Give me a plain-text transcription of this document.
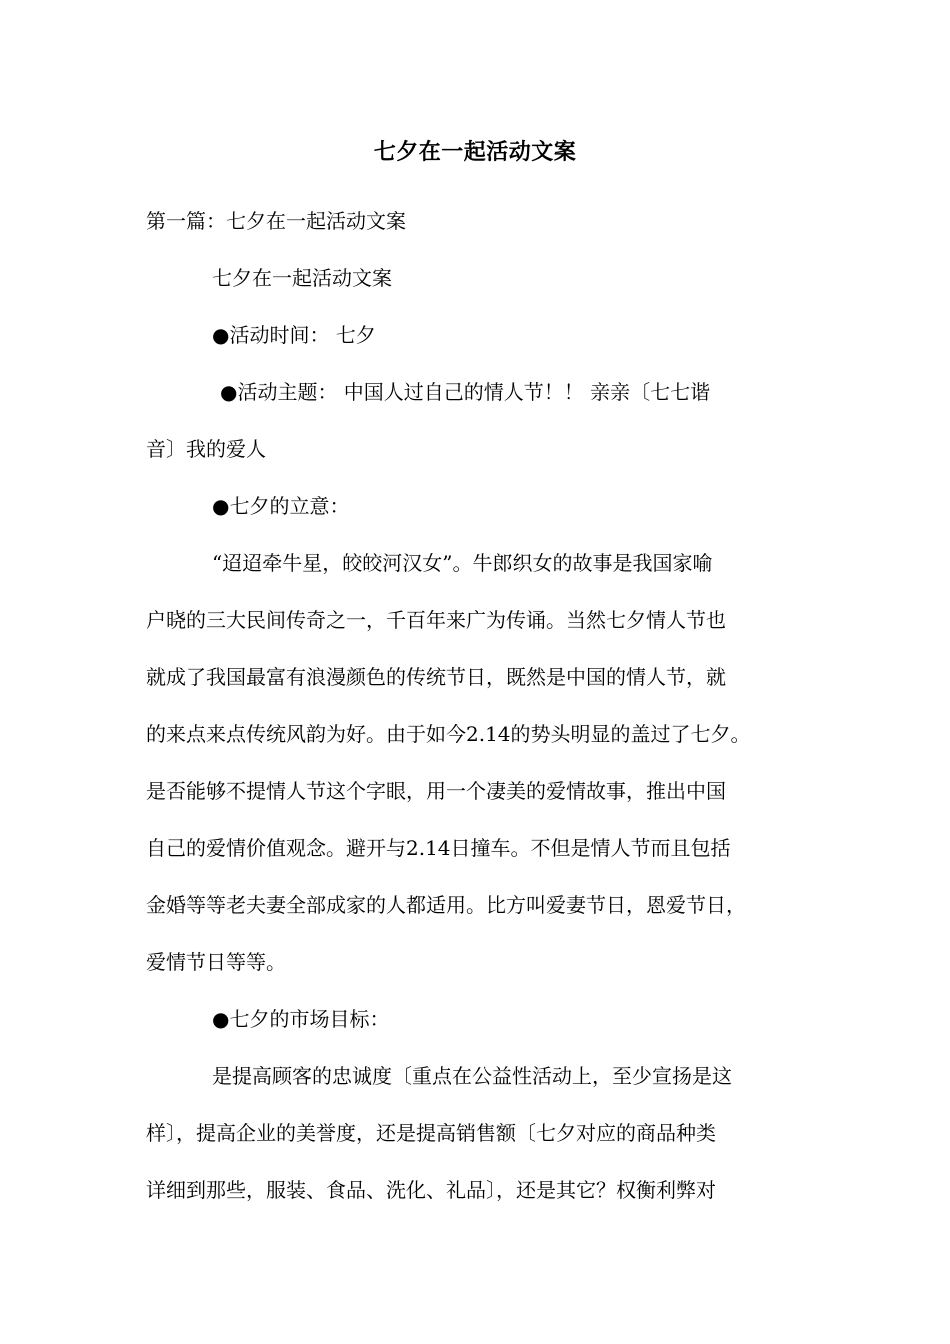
七夕在一起活动文案
第一篇：七夕在一起活动文案
七夕在一起活动文案
●活动时间： 七夕
●活动主题： 中国人过自己的情人节！！ 亲亲〔七七谐
音〕我的爱人
●七夕的立意：
“迢迢牵牛星，皎皎河汉女”。牛郎织女的故事是我国家喻
户晓的三大民间传奇之一，千百年来广为传诵。当然七夕情人节也
就成了我国最富有浪漫颜色的传统节日，既然是中国的情人节，就
的来点来点传统风韵为好。由于如今2.14的势头明显的盖过了七夕。
是否能够不提情人节这个字眼，用一个凄美的爱情故事，推出中国
自己的爱情价值观念。避开与2.14日撞车。不但是情人节而且包括
金婚等等老夫妻全部成家的人都适用。比方叫爱妻节日，恩爱节日，
爱情节日等等。
●七夕的市场目标：
是提高顾客的忠诚度〔重点在公益性活动上，至少宣扬是这
样〕，提高企业的美誉度，还是提高销售额〔七夕对应的商品种类
详细到那些，服装、食品、洗化、礼品〕，还是其它？权衡利弊对
